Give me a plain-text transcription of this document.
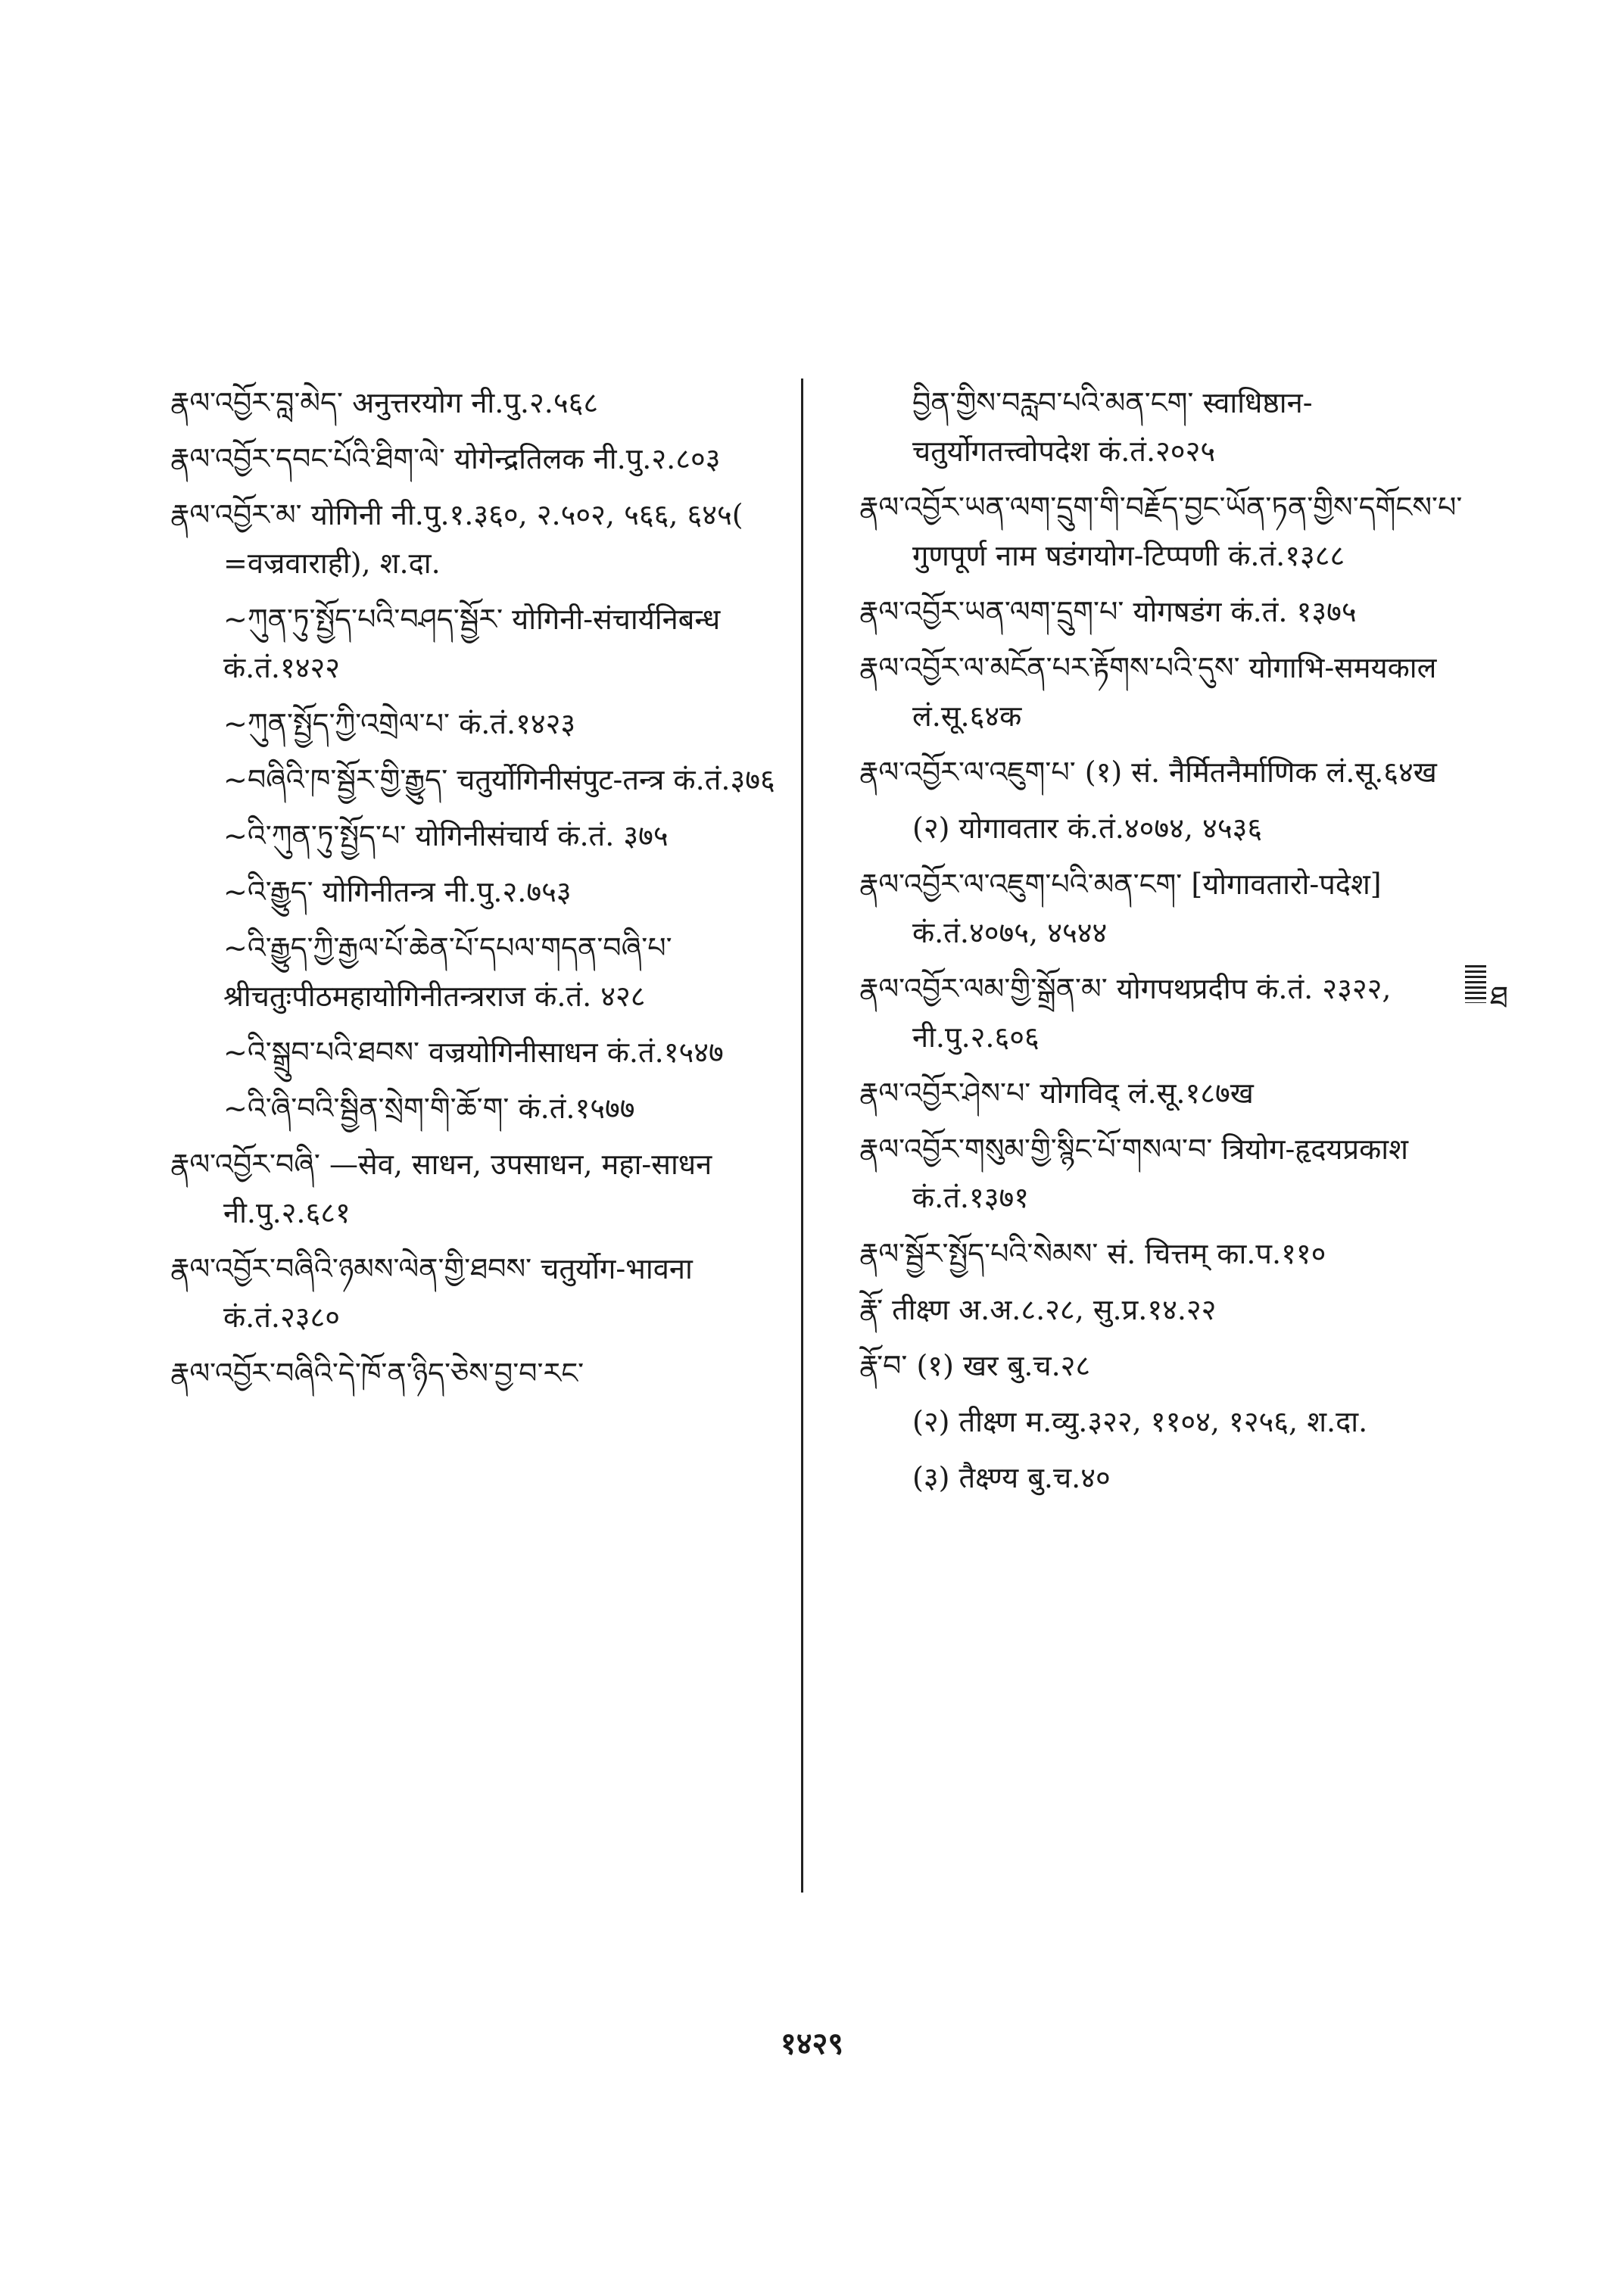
རྣལ་འབྱོར་བླ་མེད་ अनुत्तरयोग नी.पु.२.५६८
རྣལ་འབྱོར་དབང་པོའི་ཐིག་ལེ་ योगेन्द्रतिलक नी.पु.२.८०३
རྣལ་འབྱོར་མ་ योगिनी नी.पु.१.३६०, २.५०२, ५६६, ६४५( =वज्रवाराही), श.दा.
~ཀུན་ཏུ་སྤྱོད་པའི་བཤད་སྦྱོར་ योगिनी-संचार्यनिबन्ध कं.तं.१४२२
~ཀུན་སྤྱོད་ཀྱི་འགྲེལ་པ་ कं.तं.१४२३
~བཞིའི་ཁ་སྦྱོར་གྱི་རྒྱུད་ चतुर्योगिनीसंपुट-तन्त्र कं.तं.३७६
~འི་ཀུན་ཏུ་སྤྱོད་པ་ योगिनीसंचार्य कं.तं. ३७५
~འི་རྒྱུད་ योगिनीतन्त्र नी.पु.२.७५३
~འི་རྒྱུད་ཀྱི་རྒྱལ་པོ་ཆེན་པོ་དཔལ་གདན་བཞི་པ་ श्रीचतुःपीठमहायोगिनीतन्त्रराज कं.तं. ४२८
~འི་སྒྲུབ་པའི་ཐབས་ वज्रयोगिनीसाधन कं.तं.१५४७
~འི་ཞི་བའི་སྦྱིན་སྲེག་གི་ཆོ་ག་ कं.तं.१५७७
རྣལ་འབྱོར་བཞི་ —सेव, साधन, उपसाधन, महा-साधन नी.पु.२.६८१
རྣལ་འབྱོར་བཞིའི་ཉམས་ལེན་གྱི་ཐབས་ चतुर्योग-भावना कं.तं.२३८०
རྣལ་འབྱོར་བཞིའི་དེ་ཁོ་ན་ཉིད་ཅེས་བྱ་བ་རང་
བྱིན་གྱིས་བརླབ་པའི་མན་ངག་ स्वाधिष्ठान-चतुर्योगतत्त्वोपदेश कं.तं.२०२५
རྣལ་འབྱོར་ཡན་ལག་དྲུག་གི་བརྗོད་བྱང་ཡོན་ཏན་གྱིས་དགོངས་པ་ गुणपूर्ण नाम षडंगयोग-टिप्पणी कं.तं.१३८८
རྣལ་འབྱོར་ཡན་ལག་དྲུག་པ་ योगषडंग कं.तं. १३७५
རྣལ་འབྱོར་ལ་མངོན་པར་རྟོགས་པའི་དུས་ योगाभि-समयकाल लं.सू.६४क
རྣལ་འབྱོར་ལ་འཇུག་པ་ (१) सं. नैर्मितनैर्माणिक लं.सू.६४ख
(२) योगावतार कं.तं.४०७४, ४५३६
རྣལ་འབྱོར་ལ་འཇུག་པའི་མན་ངག་ [योगावतारो-पदेश] कं.तं.४०७५, ४५४४
རྣལ་འབྱོར་ལམ་གྱི་སྒྲོན་མ་ योगपथप्रदीप कं.तं. २३२२, नी.पु.२.६०६
རྣལ་འབྱོར་ཤེས་པ་ योगविद् लं.सू.१८७ख
རྣལ་འབྱོར་གསུམ་གྱི་སྙིང་པོ་གསལ་བ་ त्रियोग-हृदयप्रकाश कं.तं.१३७१
རྣལ་སྦྱོར་སྤྱོད་པའི་སེམས་ सं. चित्तम् का.प.११०
རྣོ་ तीक्ष्ण अ.अ.८.२८, सु.प्र.१४.२२
རྣོ་བ་ (१) खर बु.च.२८
(२) तीक्ष्ण म.व्यु.३२२, ११०४, १२५६, श.दा.
(३) तैक्ष्ण्य बु.च.४०
ཐ
१४२९
